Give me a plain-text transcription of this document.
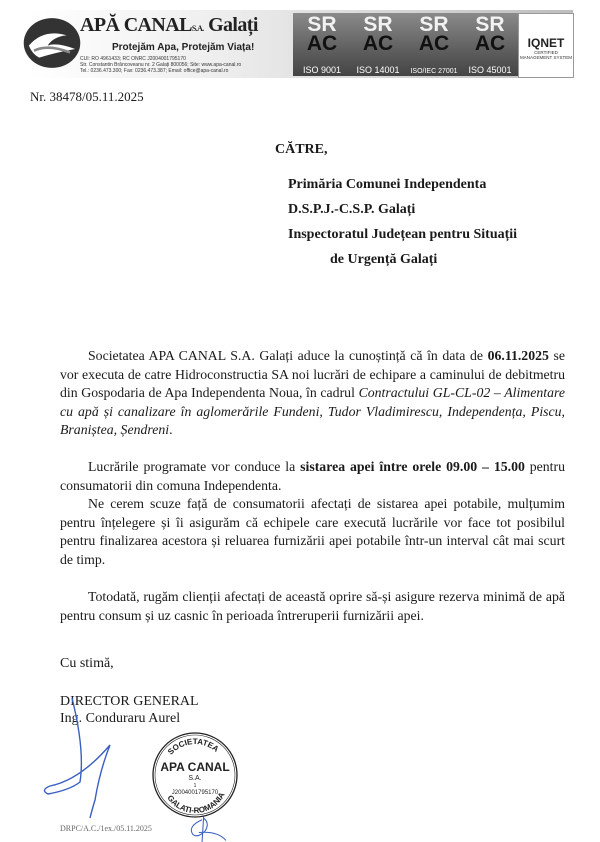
APĂ CANALS.A. Galați
Protejăm Apa, Protejăm Viața!
CUI: RO 4961433; RC ONRC J2004001795170
Str. Constantin Brâncoveanu nr. 2 Galați 800056; Site: www.apa-canal.ro
Tel.: 0236.473.300; Fax: 0236.473.387; Email: office@apa-canal.ro
SR
AC
ISO 9001
SR
AC
ISO 14001
SR
AC
ISO/IEC 27001
SR
AC
ISO 45001
IQNET
CERTIFIED MANAGEMENT SYSTEM
Nr. 38478/05.11.2025
CĂTRE,
Primăria Comunei Independenta
D.S.P.J.-C.S.P. Galați
Inspectoratul Județean pentru Situații
de Urgență Galați
Societatea APA CANAL S.A. Galați aduce la cunoștință că în data de 06.11.2025 se
vor executa de catre Hidroconstructia SA noi lucrări de echipare a caminului de debitmetru
din Gospodaria de Apa Independenta Noua, în cadrul Contractului GL-CL-02 – Alimentare
cu apă și canalizare în aglomerările Fundeni, Tudor Vladimirescu, Independența, Piscu,
Braniștea, Șendreni.
Lucrările programate vor conduce la sistarea apei între orele 09.00 – 15.00 pentru
consumatorii din comuna Independenta.
Ne cerem scuze față de consumatorii afectați de sistarea apei potabile, mulțumim
pentru înțelegere și îi asigurăm că echipele care execută lucrările vor face tot posibilul
pentru finalizarea acestora și reluarea furnizării apei potabile într-un interval cât mai scurt
de timp.
Totodată, rugăm clienții afectați de această oprire să-și asigure rezerva minimă de apă
pentru consum și uz casnic în perioada întreruperii furnizării apei.
Cu stimă,
DIRECTOR GENERAL
Ing. Conduraru Aurel
SOCIETATEA
APA CANAL
S.A.
1
J2004001795170
GALATI-ROMANIA
DRPC/A.C./1ex./05.11.2025
